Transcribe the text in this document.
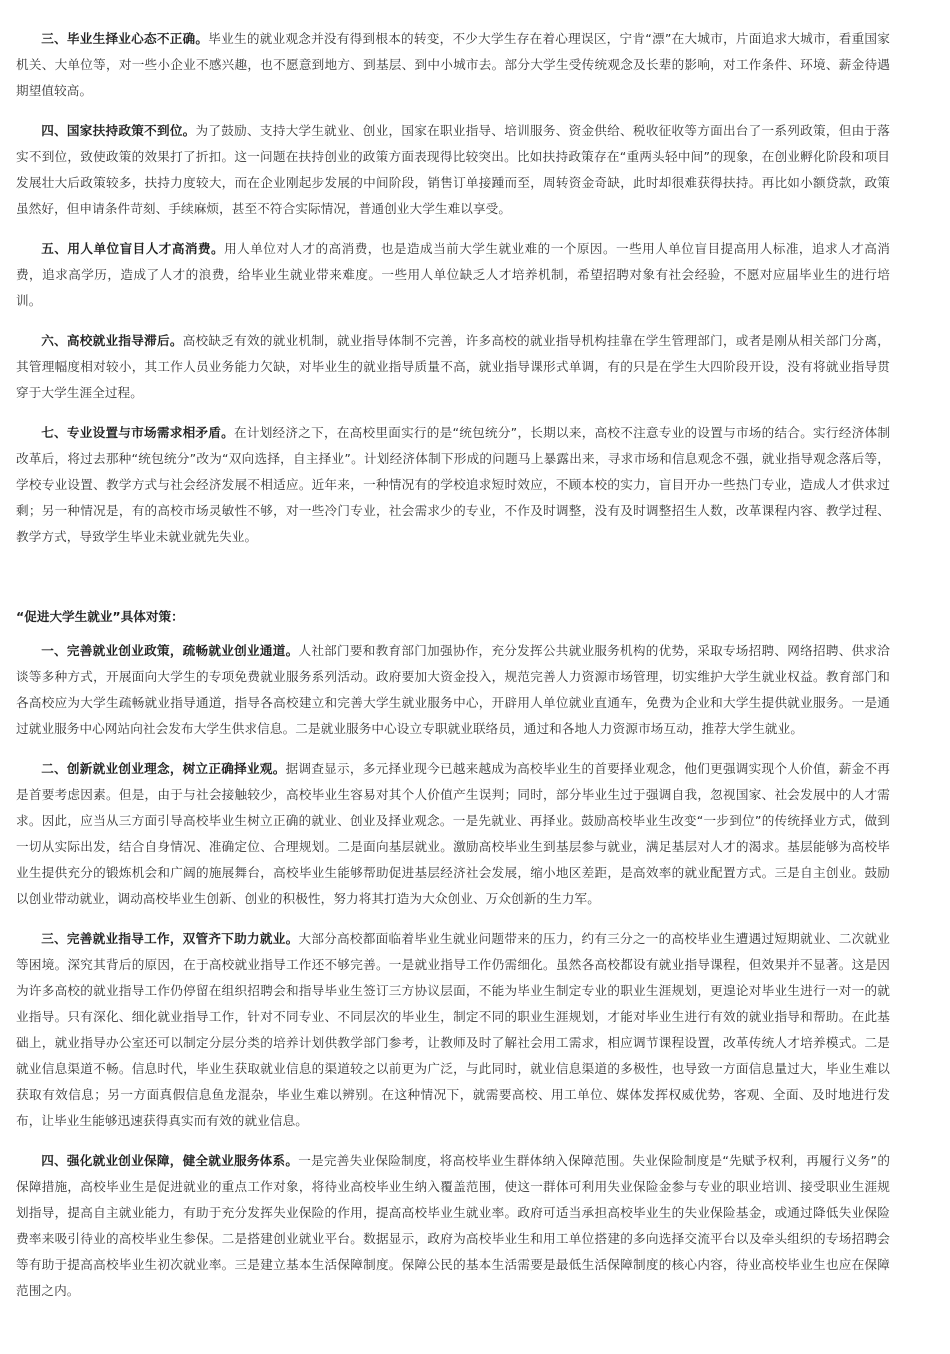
三、毕业生择业心态不正确。毕业生的就业观念并没有得到根本的转变，不少大学生存在着心理误区，宁肯“漂”在大城市，片面追求大城市，看重国家机关、大单位等，对一些小企业不感兴趣，也不愿意到地方、到基层、到中小城市去。部分大学生受传统观念及长辈的影响，对工作条件、环境、薪金待遇期望值较高。

四、国家扶持政策不到位。为了鼓励、支持大学生就业、创业，国家在职业指导、培训服务、资金供给、税收征收等方面出台了一系列政策，但由于落实不到位，致使政策的效果打了折扣。这一问题在扶持创业的政策方面表现得比较突出。比如扶持政策存在“重两头轻中间”的现象，在创业孵化阶段和项目发展壮大后政策较多，扶持力度较大，而在企业刚起步发展的中间阶段，销售订单接踵而至，周转资金奇缺，此时却很难获得扶持。再比如小额贷款，政策虽然好，但申请条件苛刻、手续麻烦，甚至不符合实际情况，普通创业大学生难以享受。

五、用人单位盲目人才高消费。用人单位对人才的高消费，也是造成当前大学生就业难的一个原因。一些用人单位盲目提高用人标准，追求人才高消费，追求高学历，造成了人才的浪费，给毕业生就业带来难度。一些用人单位缺乏人才培养机制，希望招聘对象有社会经验，不愿对应届毕业生的进行培训。

六、高校就业指导滞后。高校缺乏有效的就业机制，就业指导体制不完善，许多高校的就业指导机构挂靠在学生管理部门，或者是刚从相关部门分离，其管理幅度相对较小，其工作人员业务能力欠缺，对毕业生的就业指导质量不高，就业指导课形式单调，有的只是在学生大四阶段开设，没有将就业指导贯穿于大学生涯全过程。

七、专业设置与市场需求相矛盾。在计划经济之下，在高校里面实行的是“统包统分”，长期以来，高校不注意专业的设置与市场的结合。实行经济体制改革后，将过去那种“统包统分”改为“双向选择，自主择业”。计划经济体制下形成的问题马上暴露出来，寻求市场和信息观念不强，就业指导观念落后等，学校专业设置、教学方式与社会经济发展不相适应。近年来，一种情况有的学校追求短时效应，不顾本校的实力，盲目开办一些热门专业，造成人才供求过剩；另一种情况是，有的高校市场灵敏性不够，对一些冷门专业，社会需求少的专业，不作及时调整，没有及时调整招生人数，改革课程内容、教学过程、教学方式，导致学生毕业未就业就先失业。

“促进大学生就业”具体对策：

一、完善就业创业政策，疏畅就业创业通道。人社部门要和教育部门加强协作，充分发挥公共就业服务机构的优势，采取专场招聘、网络招聘、供求洽谈等多种方式，开展面向大学生的专项免费就业服务系列活动。政府要加大资金投入，规范完善人力资源市场管理，切实维护大学生就业权益。教育部门和各高校应为大学生疏畅就业指导通道，指导各高校建立和完善大学生就业服务中心，开辟用人单位就业直通车，免费为企业和大学生提供就业服务。一是通过就业服务中心网站向社会发布大学生供求信息。二是就业服务中心设立专职就业联络员，通过和各地人力资源市场互动，推荐大学生就业。

二、创新就业创业理念，树立正确择业观。据调查显示，多元择业现今已越来越成为高校毕业生的首要择业观念，他们更强调实现个人价值，薪金不再是首要考虑因素。但是，由于与社会接触较少，高校毕业生容易对其个人价值产生误判；同时，部分毕业生过于强调自我，忽视国家、社会发展中的人才需求。因此，应当从三方面引导高校毕业生树立正确的就业、创业及择业观念。一是先就业、再择业。鼓励高校毕业生改变“一步到位”的传统择业方式，做到一切从实际出发，结合自身情况、准确定位、合理规划。二是面向基层就业。激励高校毕业生到基层参与就业，满足基层对人才的渴求。基层能够为高校毕业生提供充分的锻炼机会和广阔的施展舞台，高校毕业生能够帮助促进基层经济社会发展，缩小地区差距，是高效率的就业配置方式。三是自主创业。鼓励以创业带动就业，调动高校毕业生创新、创业的积极性，努力将其打造为大众创业、万众创新的生力军。

三、完善就业指导工作，双管齐下助力就业。大部分高校都面临着毕业生就业问题带来的压力，约有三分之一的高校毕业生遭遇过短期就业、二次就业等困境。深究其背后的原因，在于高校就业指导工作还不够完善。一是就业指导工作仍需细化。虽然各高校都设有就业指导课程，但效果并不显著。这是因为许多高校的就业指导工作仍停留在组织招聘会和指导毕业生签订三方协议层面，不能为毕业生制定专业的职业生涯规划，更遑论对毕业生进行一对一的就业指导。只有深化、细化就业指导工作，针对不同专业、不同层次的毕业生，制定不同的职业生涯规划，才能对毕业生进行有效的就业指导和帮助。在此基础上，就业指导办公室还可以制定分层分类的培养计划供教学部门参考，让教师及时了解社会用工需求，相应调节课程设置，改革传统人才培养模式。二是就业信息渠道不畅。信息时代，毕业生获取就业信息的渠道较之以前更为广泛，与此同时，就业信息渠道的多极性，也导致一方面信息量过大，毕业生难以获取有效信息；另一方面真假信息鱼龙混杂，毕业生难以辨别。在这种情况下，就需要高校、用工单位、媒体发挥权威优势，客观、全面、及时地进行发布，让毕业生能够迅速获得真实而有效的就业信息。

四、强化就业创业保障，健全就业服务体系。一是完善失业保险制度，将高校毕业生群体纳入保障范围。失业保险制度是“先赋予权利，再履行义务”的保障措施，高校毕业生是促进就业的重点工作对象，将待业高校毕业生纳入覆盖范围，使这一群体可利用失业保险金参与专业的职业培训、接受职业生涯规划指导，提高自主就业能力，有助于充分发挥失业保险的作用，提高高校毕业生就业率。政府可适当承担高校毕业生的失业保险基金，或通过降低失业保险费率来吸引待业的高校毕业生参保。二是搭建创业就业平台。数据显示，政府为高校毕业生和用工单位搭建的多向选择交流平台以及牵头组织的专场招聘会等有助于提高高校毕业生初次就业率。三是建立基本生活保障制度。保障公民的基本生活需要是最低生活保障制度的核心内容，待业高校毕业生也应在保障范围之内。
